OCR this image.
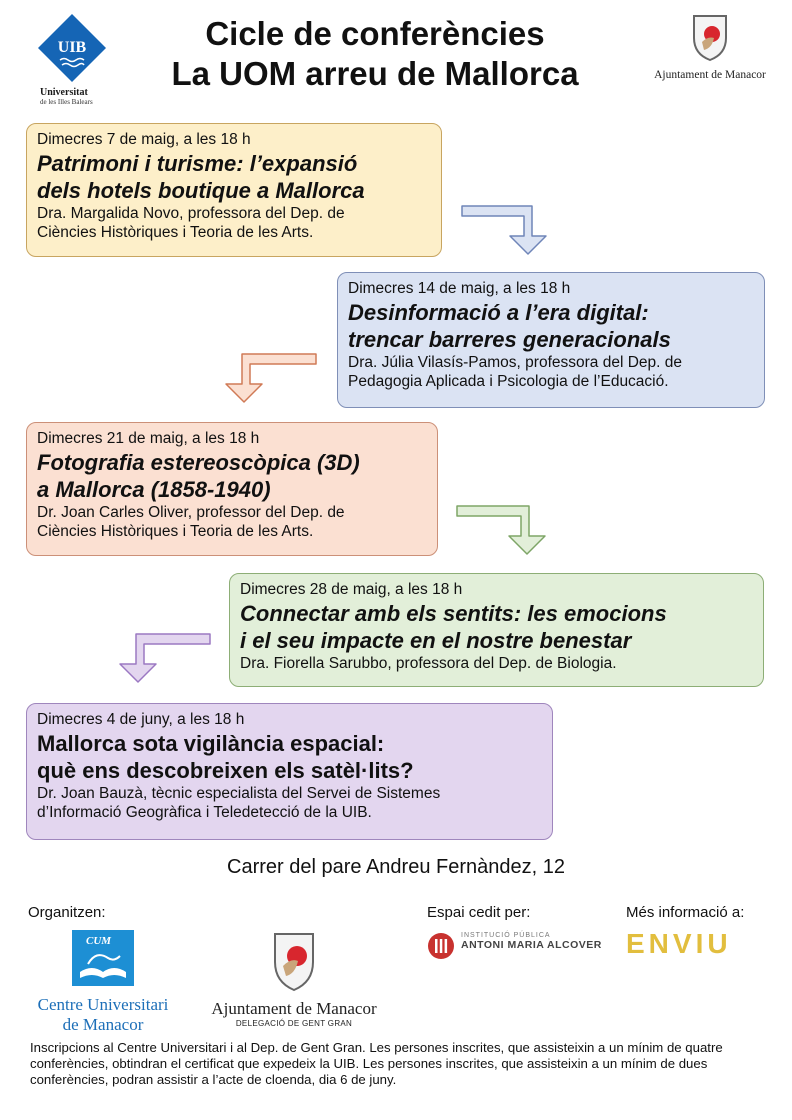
UIB
Universitat
de les Illes Balears
Cicle de conferències
La UOM arreu de Mallorca	Ajuntament de Manacor
Dimecres 7 de maig, a les 18 h
Patrimoni i turisme: l’expansió
dels hotels boutique a Mallorca
Dra. Margalida Novo, professora del Dep. de
Ciències Històriques i Teoria de les Arts.
Dimecres 14 de maig, a les 18 h
Desinformació a l’era digital:
trencar barreres generacionals
Dra. Júlia Vilasís-Pamos, professora del Dep. de
Pedagogia Aplicada i Psicologia de l’Educació.
Dimecres 21 de maig, a les 18 h
Fotografia estereoscòpica (3D)
a Mallorca (1858-1940)
Dr. Joan Carles Oliver, professor del Dep. de
Ciències Històriques i Teoria de les Arts.
Dimecres 28 de maig, a les 18 h
Connectar amb els sentits: les emocions
i el seu impacte en el nostre benestar
Dra. Fiorella Sarubbo, professora del Dep. de Biologia.
Dimecres 4 de juny, a les 18 h
Mallorca sota vigilància espacial:
què ens descobreixen els satèl·lits?
Dr. Joan Bauzà, tècnic especialista del Servei de Sistemes
d’Informació Geogràfica i Teledetecció de la UIB.
Carrer del pare Andreu Fernàndez, 12
Organitzen:	Espai cedit per:	Més informació a:
CUM
Centre Universitari
de Manacor
Ajuntament de Manacor
DELEGACIÓ DE GENT GRAN
INSTITUCIÓ PÚBLICA
ANTONI MARIA ALCOVER ENVIU
Inscripcions al Centre Universitari i al Dep. de Gent Gran. Les persones inscrites, que assisteixin a un mínim de quatre conferències, obtindran el certificat que expedeix la UIB. Les persones inscrites, que assisteixin a un mínim de dues conferències, podran assistir a l’acte de cloenda, dia 6 de juny.
